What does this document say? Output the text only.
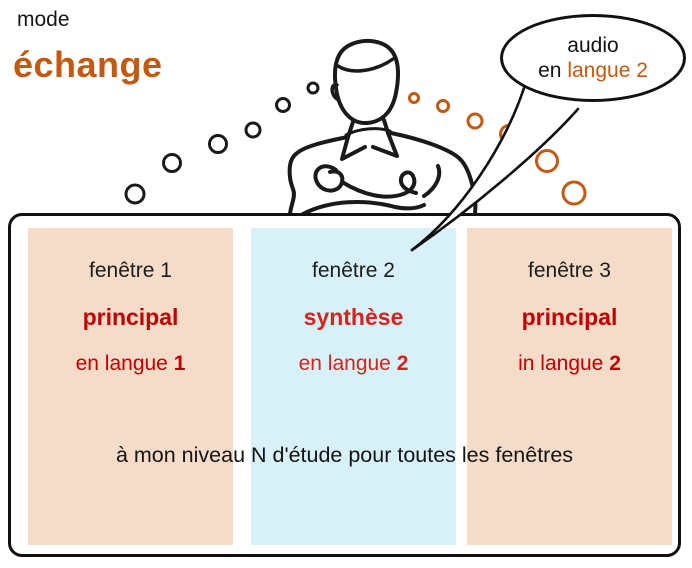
mode
échange
fenêtre 1
principal
en langue 1
fenêtre 2
synthèse
en langue 2
fenêtre 3
principal
in langue 2
à mon niveau N d'étude pour toutes les fenêtres
audio
en langue 2
